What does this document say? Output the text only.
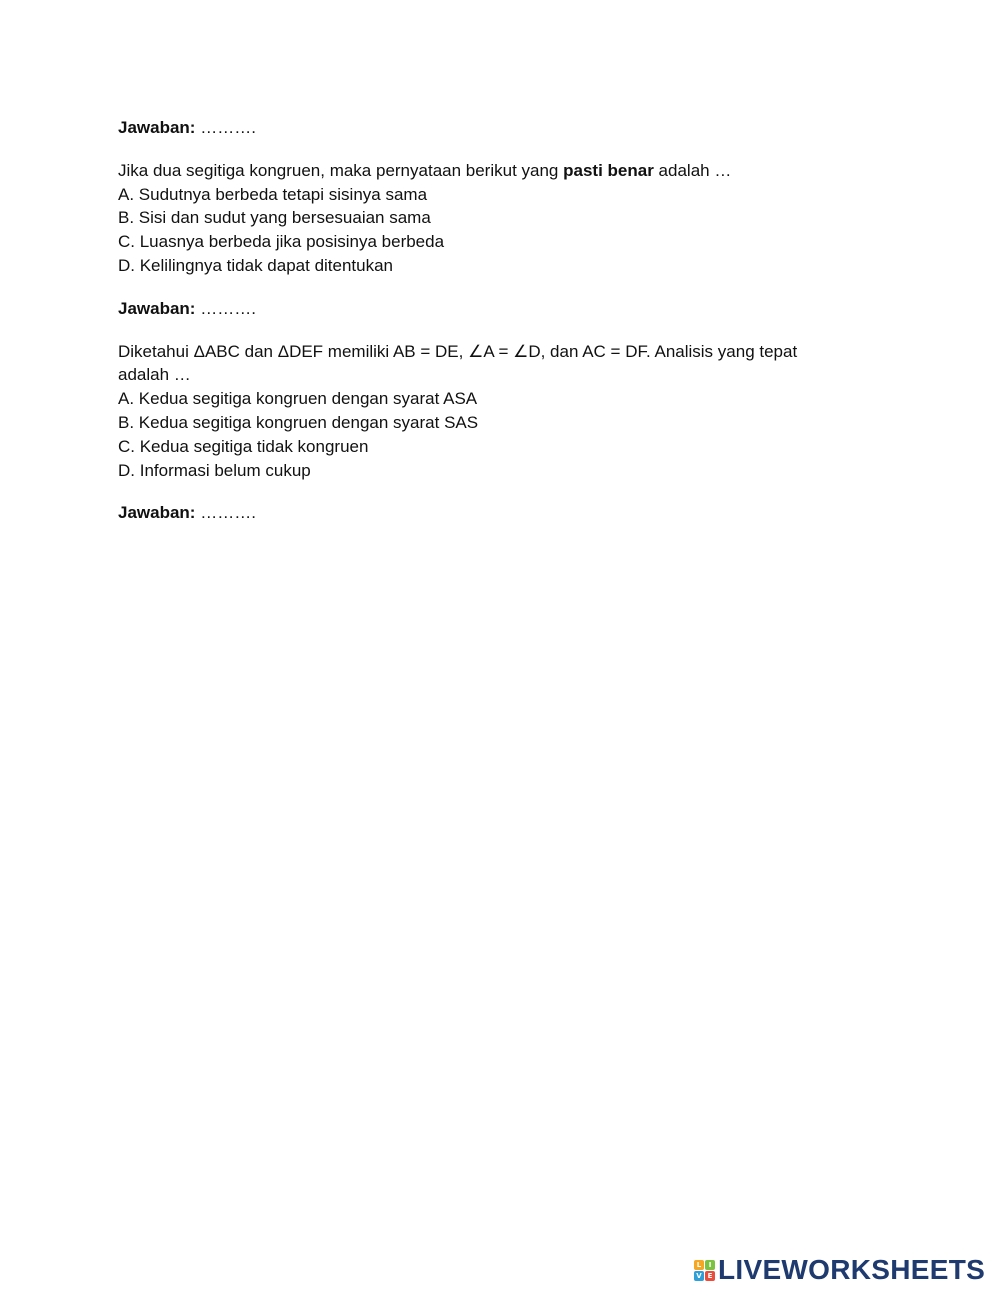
Jawaban: ……….

Jika dua segitiga kongruen, maka pernyataan berikut yang pasti benar adalah …

A. Sudutnya berbeda tetapi sisinya sama
B. Sisi dan sudut yang bersesuaian sama
C. Luasnya berbeda jika posisinya berbeda
D. Kelilingnya tidak dapat ditentukan

Jawaban: ……….

Diketahui ΔABC dan ΔDEF memiliki AB = DE, ∠A = ∠D, dan AC = DF. Analisis yang tepat

adalah …

A. Kedua segitiga kongruen dengan syarat ASA
B. Kedua segitiga kongruen dengan syarat SAS
C. Kedua segitiga tidak kongruen
D. Informasi belum cukup

Jawaban: ……….

L	I
V E LIVEWORKSHEETS
